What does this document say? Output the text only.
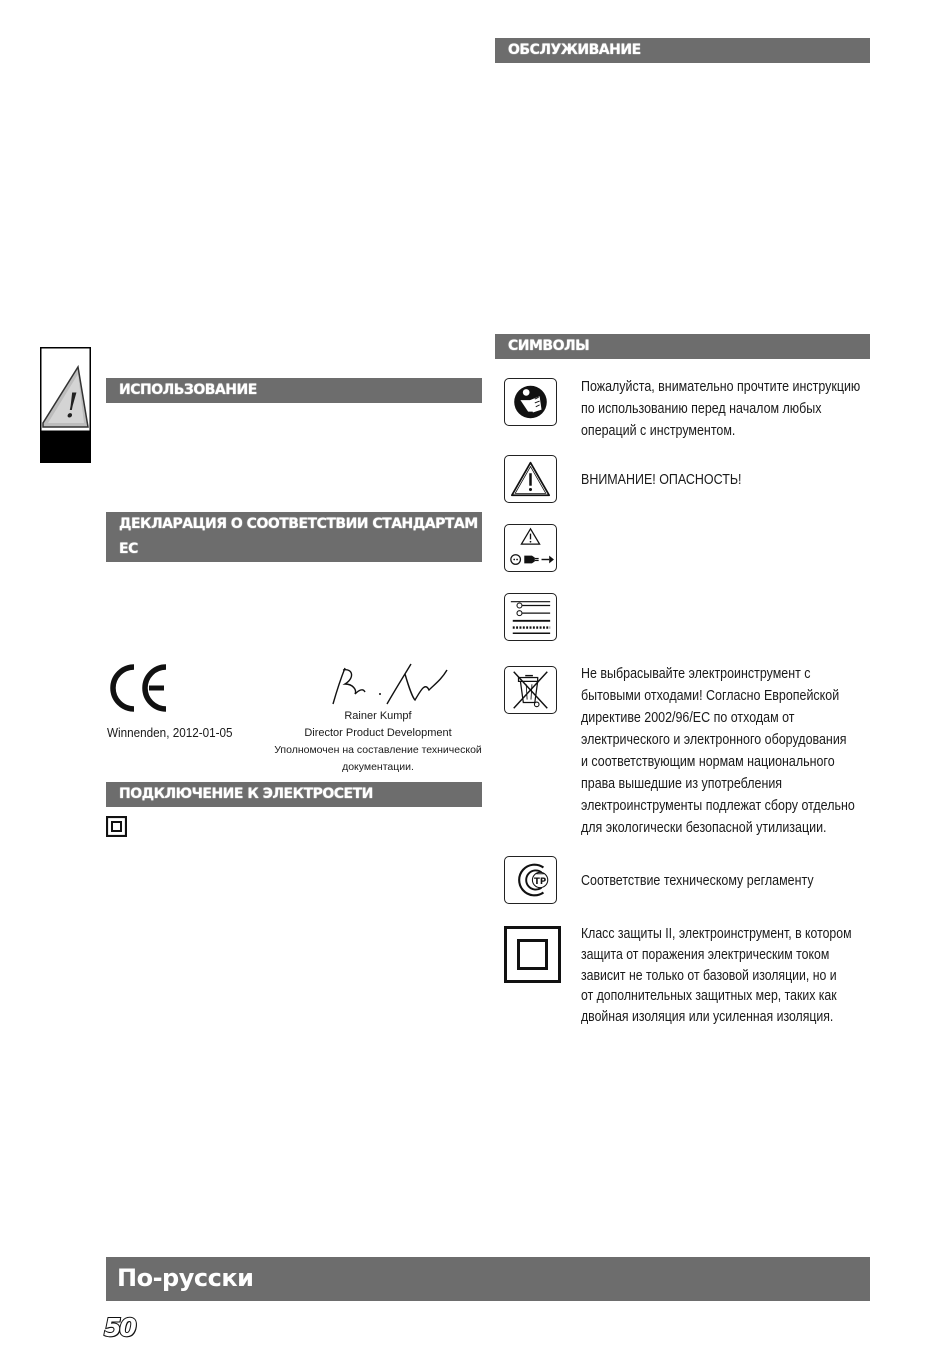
ОБСЛУЖИВАНИЕ
СИМВОЛЫ
ИСПОЛЬЗОВАНИЕ
ДЕКЛАРАЦИЯ О СООТВЕТСТВИИ СТАНДАРТАМ ЕС
ПОДКЛЮЧЕНИЕ К ЭЛЕКТРОСЕТИ
!
Winnenden, 2012-01-05
Rainer Kumpf
Director Product Development
Уполномочен на составление технической
документации.
Пожалуйста, внимательно прочтите инструкцию
по использованию перед началом любых
операций с инструментом.
ВНИМАНИЕ! ОПАСНОСТЬ!
Не выбрасывайте электроинструмент с
бытовыми отходами! Согласно Европейской
директиве 2002/96/ЕС по отходам от
электрического и электронного оборудования
и соответствующим нормам национального
права вышедшие из употребления
электроинструменты подлежат сбору отдельно
для экологически безопасной утилизации.
TP Соответствие техническому регламенту
Класс защиты II, электроинструмент, в котором
защита от поражения электрическим током
зависит не только от базовой изоляции, но и
от дополнительных защитных мер, таких как
двойная изоляция или усиленная изоляция.
По-русски
50
